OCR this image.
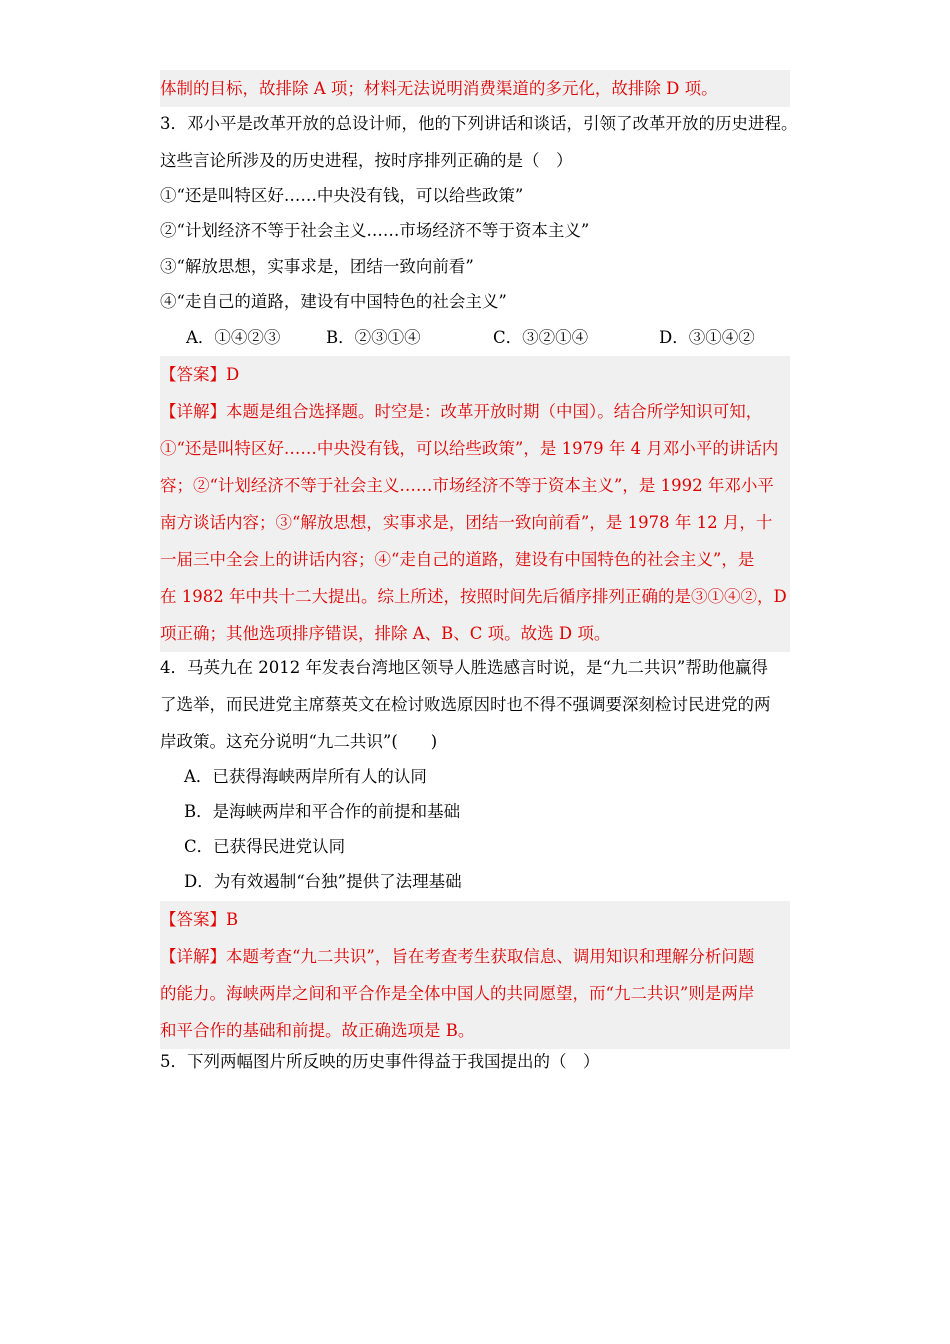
体制的目标，故排除 A 项；材料无法说明消费渠道的多元化，故排除 D 项。
3．邓小平是改革开放的总设计师，他的下列讲话和谈话，引领了改革开放的历史进程。
这些言论所涉及的历史进程，按时序排列正确的是（　）
①“还是叫特区好……中央没有钱，可以给些政策”
②“计划经济不等于社会主义……市场经济不等于资本主义”
③“解放思想，实事求是，团结一致向前看”
④“走自己的道路，建设有中国特色的社会主义”
A．①④②③	B．②③①④	C．③②①④	D．③①④②
【答案】D
【详解】本题是组合选择题。时空是：改革开放时期（中国）。结合所学知识可知，
①“还是叫特区好……中央没有钱，可以给些政策”，是 1979 年 4 月邓小平的讲话内
容；②“计划经济不等于社会主义……市场经济不等于资本主义”，是 1992 年邓小平
南方谈话内容；③“解放思想，实事求是，团结一致向前看”，是 1978 年 12 月，十
一届三中全会上的讲话内容；④“走自己的道路，建设有中国特色的社会主义”，是
在 1982 年中共十二大提出。综上所述，按照时间先后循序排列正确的是③①④②，D
项正确；其他选项排序错误，排除 A、B、C 项。故选 D 项。
4．马英九在 2012 年发表台湾地区领导人胜选感言时说，是“九二共识”帮助他赢得
了选举，而民进党主席蔡英文在检讨败选原因时也不得不强调要深刻检讨民进党的两
岸政策。这充分说明“九二共识”(　　)
A．已获得海峡两岸所有人的认同
B．是海峡两岸和平合作的前提和基础
C．已获得民进党认同
D．为有效遏制“台独”提供了法理基础
【答案】B
【详解】本题考查“九二共识”，旨在考查考生获取信息、调用知识和理解分析问题
的能力。海峡两岸之间和平合作是全体中国人的共同愿望，而“九二共识”则是两岸
和平合作的基础和前提。故正确选项是 B。
5．下列两幅图片所反映的历史事件得益于我国提出的（　）
